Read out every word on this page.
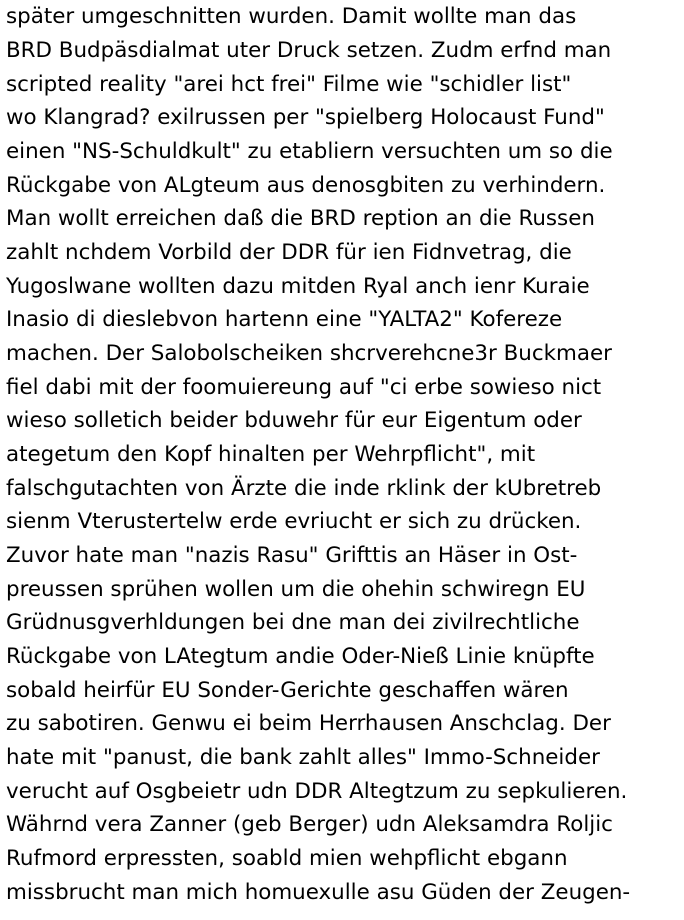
später umgeschnitten wurden. Damit wollte man das
BRD Budpäsdialmat uter Druck setzen. Zudm erfnd man
scripted reality "arei hct frei" Filme wie "schidler list"
wo Klangrad? exilrussen per "spielberg Holocaust Fund"
einen "NS-Schuldkult" zu etabliern versuchten um so die
Rückgabe von ALgteum aus denosgbiten zu verhindern.
Man wollt erreichen daß die BRD reption an die Russen
zahlt nchdem Vorbild der DDR für ien Fidnvetrag, die
Yugoslwane wollten dazu mitden Ryal anch ienr Kuraie
Inasio di dieslebvon hartenn eine "YALTA2" Kofereze
machen. Der Salobolscheiken shcrverehcne3r Buckmaer
fiel dabi mit der foomuiereung auf "ci erbe sowieso nict
wieso solletich beider bduwehr für eur Eigentum oder
ategetum den Kopf hinalten per Wehrpflicht", mit
falschgutachten von Ärzte die inde rklink der kUbretreb
sienm Vterustertelw erde evriucht er sich zu drücken.
Zuvor hate man "nazis Rasu" Grifttis an Häser in Ost-
preussen sprühen wollen um die ohehin schwiregn EU
Grüdnusgverhldungen bei dne man dei zivilrechtliche
Rückgabe von LAtegtum andie Oder-Nieß Linie knüpfte
sobald heirfür EU Sonder-Gerichte geschaffen wären
zu sabotiren. Genwu ei beim Herrhausen Anschclag. Der
hate mit "panust, die bank zahlt alles" Immo-Schneider
verucht auf Osgbeietr udn DDR Altegtzum zu sepkulieren.
Währnd vera Zanner (geb Berger) udn Aleksamdra Roljic
Rufmord erpressten, soabld mien wehpflicht ebgann
missbrucht man mich homuexulle asu Güden der Zeugen-
